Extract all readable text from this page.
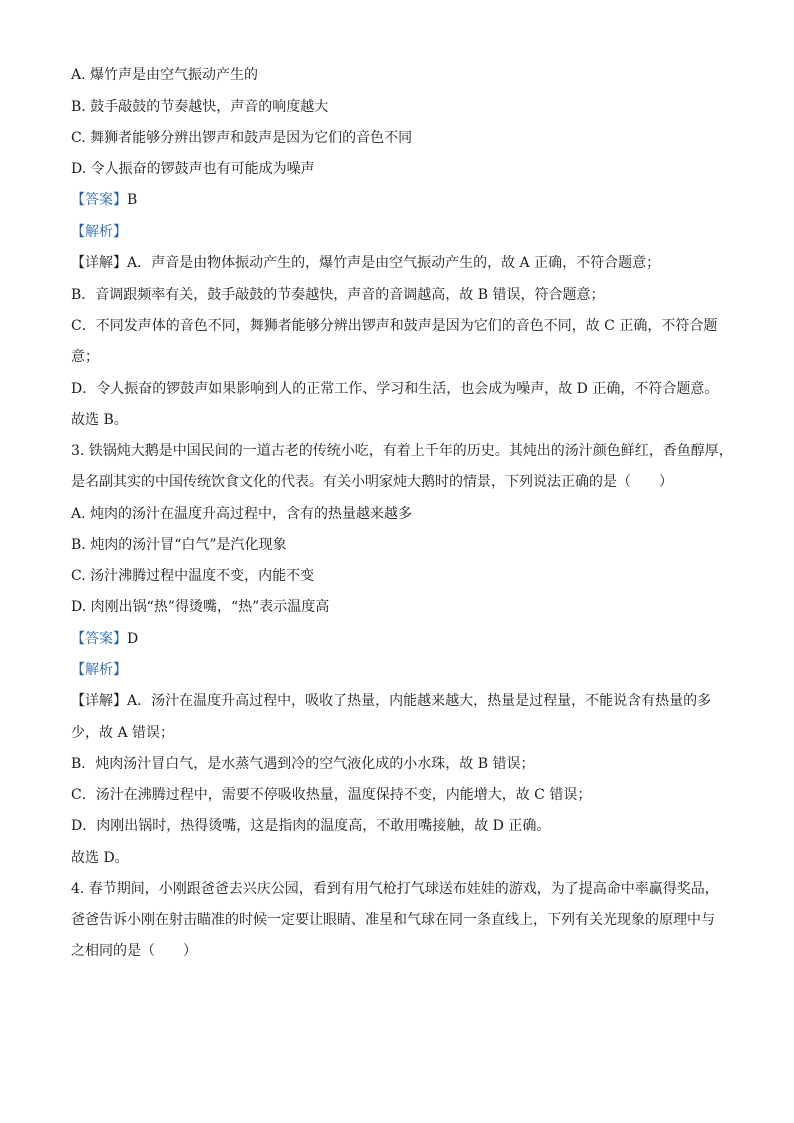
A. 爆竹声是由空气振动产生的
B. 鼓手敲鼓的节奏越快，声音的响度越大
C. 舞狮者能够分辨出锣声和鼓声是因为它们的音色不同
D. 令人振奋的锣鼓声也有可能成为噪声
【答案】B
【解析】
【详解】A．声音是由物体振动产生的，爆竹声是由空气振动产生的，故 A 正确，不符合题意；
B．音调跟频率有关，鼓手敲鼓的节奏越快，声音的音调越高，故 B 错误，符合题意；
C．不同发声体的音色不同，舞狮者能够分辨出锣声和鼓声是因为它们的音色不同，故 C 正确，不符合题
意；
D．令人振奋的锣鼓声如果影响到人的正常工作、学习和生活，也会成为噪声，故 D 正确，不符合题意。
故选 B。
3. 铁锅炖大鹅是中国民间的一道古老的传统小吃，有着上千年的历史。其炖出的汤汁颜色鲜红，香鱼醇厚，
是名副其实的中国传统饮食文化的代表。有关小明家炖大鹅时的情景，下列说法正确的是（　　）
A. 炖肉的汤汁在温度升高过程中，含有的热量越来越多
B. 炖肉的汤汁冒“白气”是汽化现象
C. 汤汁沸腾过程中温度不变，内能不变
D. 肉刚出锅“热”得烫嘴，“热”表示温度高
【答案】D
【解析】
【详解】A．汤汁在温度升高过程中，吸收了热量，内能越来越大，热量是过程量，不能说含有热量的多
少，故 A 错误；
B．炖肉汤汁冒白气，是水蒸气遇到冷的空气液化成的小水珠，故 B 错误；
C．汤汁在沸腾过程中，需要不停吸收热量，温度保持不变，内能增大，故 C 错误；
D．肉刚出锅时，热得烫嘴，这是指肉的温度高，不敢用嘴接触，故 D 正确。
故选 D。
4. 春节期间，小刚跟爸爸去兴庆公园，看到有用气枪打气球送布娃娃的游戏，为了提高命中率赢得奖品，
爸爸告诉小刚在射击瞄准的时候一定要让眼睛、准星和气球在同一条直线上，下列有关光现象的原理中与
之相同的是（　　）
